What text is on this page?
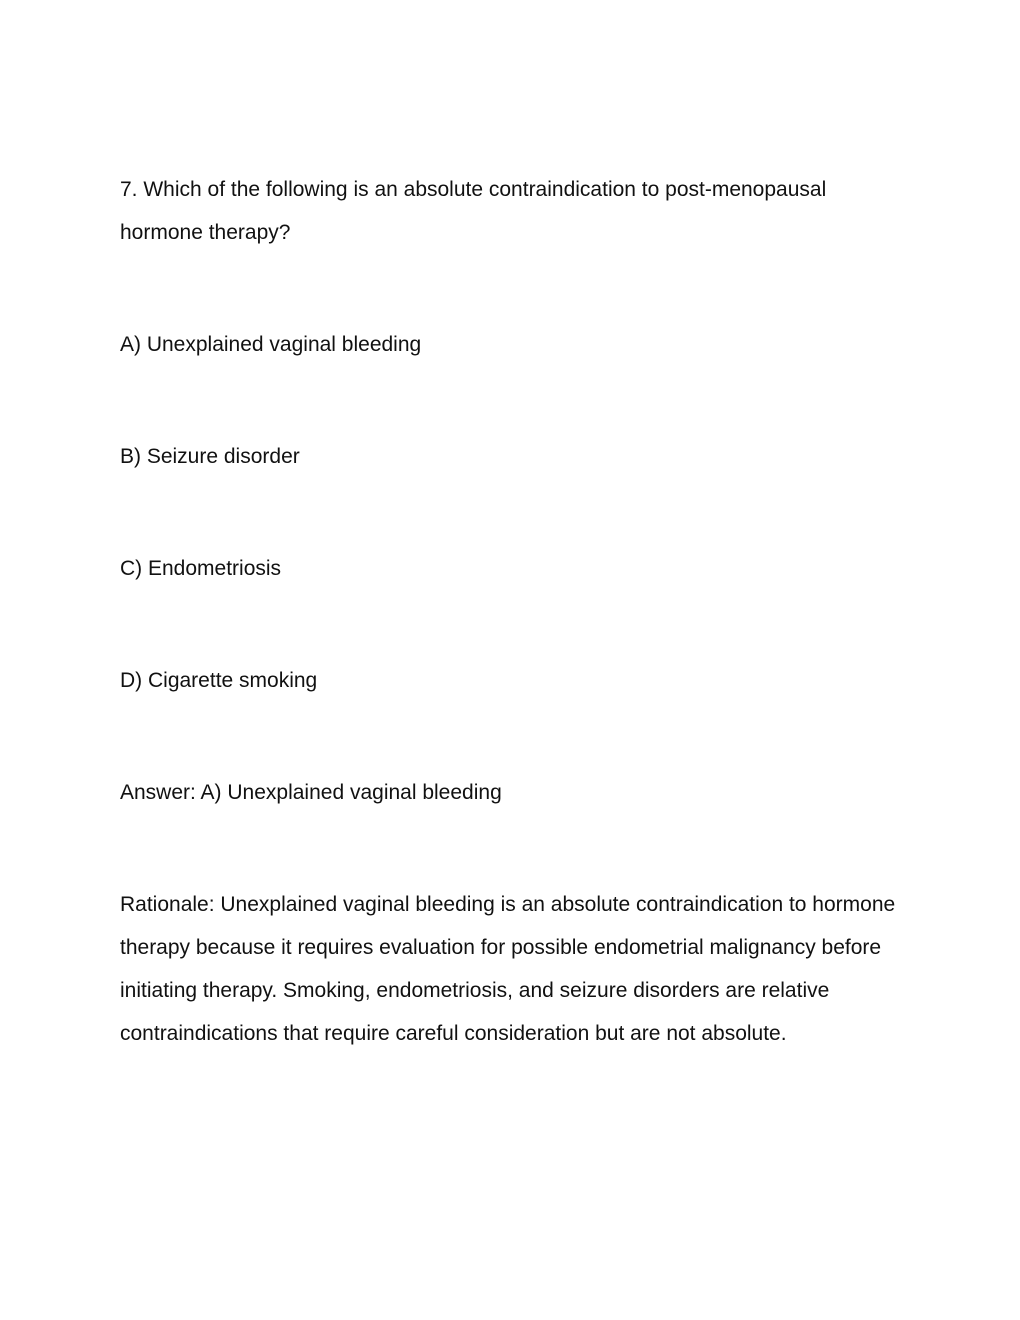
7. Which of the following is an absolute contraindication to post-menopausal hormone therapy?

A) Unexplained vaginal bleeding

B) Seizure disorder

C) Endometriosis

D) Cigarette smoking

Answer: A) Unexplained vaginal bleeding

Rationale: Unexplained vaginal bleeding is an absolute contraindication to hormone therapy because it requires evaluation for possible endometrial malignancy before initiating therapy. Smoking, endometriosis, and seizure disorders are relative contraindications that require careful consideration but are not absolute.
